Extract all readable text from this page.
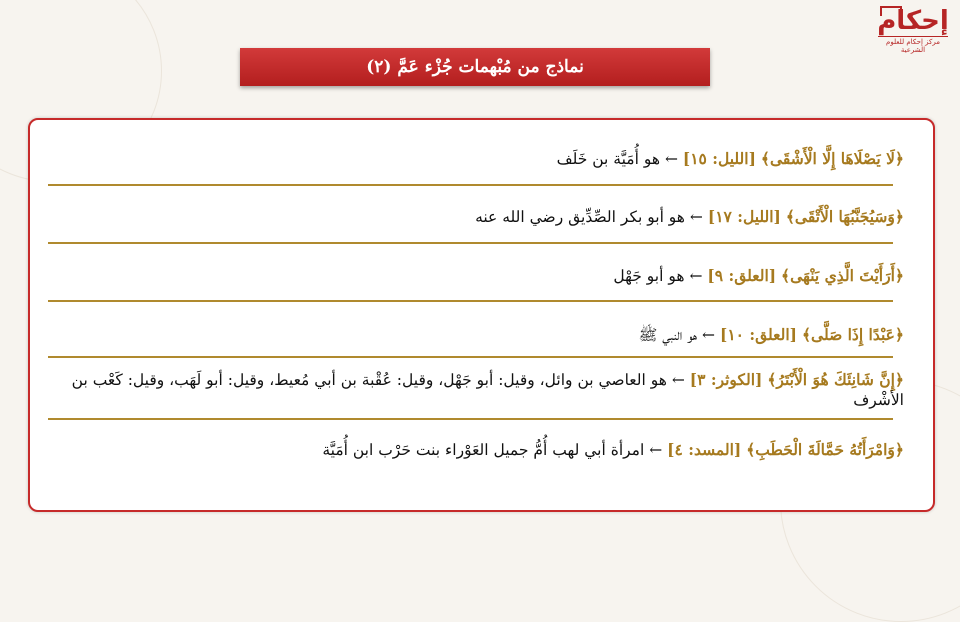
إحكام
مركز إحكام للعلوم الشرعية
نماذج من مُبْهمات جُزْء عَمَّ (٢)
﴿لَا يَصْلَاهَا إِلَّا الْأَشْقَى﴾ [الليل: ١٥] ← هو أُمَيَّة بن خَلَف
﴿وَسَيُجَنَّبُهَا الْأَتْقَى﴾ [الليل: ١٧] ← هو أبو بكر الصِّدِّيق رضي الله عنه
﴿أَرَأَيْتَ الَّذِي يَنْهَى﴾ [العلق: ٩] ← هو أبو جَهْل
﴿عَبْدًا إِذَا صَلَّى﴾ [العلق: ١٠] ← هو النبي ﷺ
﴿إِنَّ شَانِئَكَ هُوَ الْأَبْتَرُ﴾ [الكوثر: ٣] ← هو العاصي بن وائل، وقيل: أبو جَهْل، وقيل: عُقْبة بن أبي مُعيط، وقيل: أبو لَهَب، وقيل: كَعْب بن الأشْرف
﴿وَامْرَأَتُهُ حَمَّالَةَ الْحَطَبِ﴾ [المسد: ٤] ← امرأة أبي لهب أُمُّ جميل العَوْراء بنت حَرْب ابن أُمَيَّة
